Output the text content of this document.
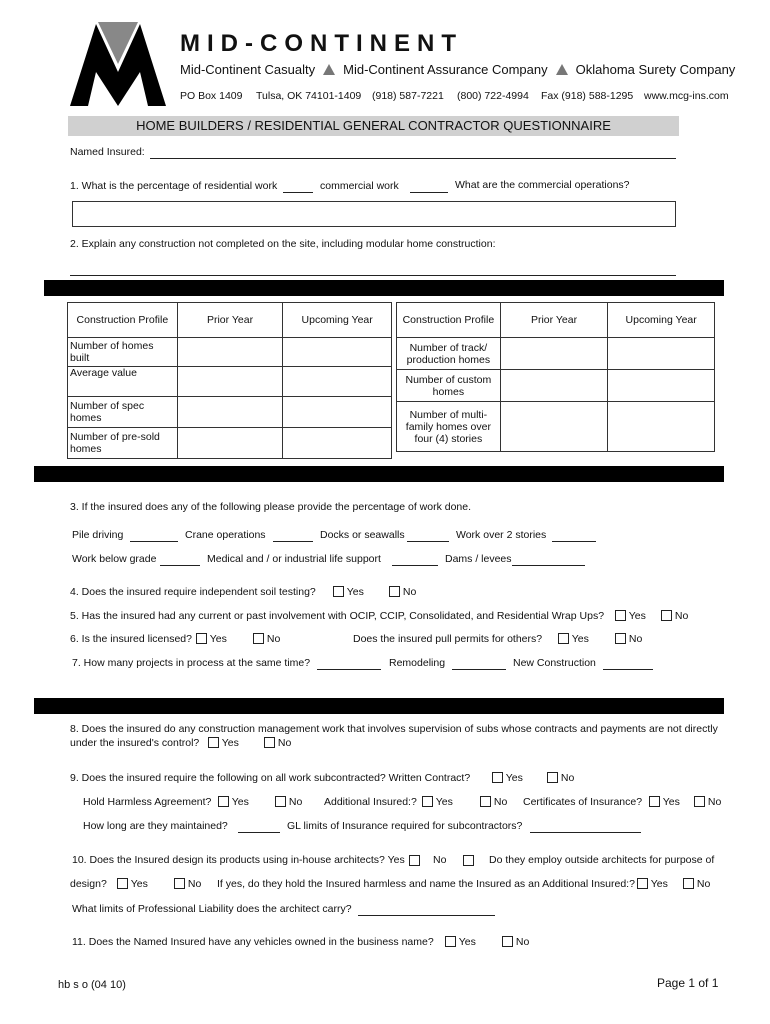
MID-CONTINENT
Mid-Continent Casualty Mid-Continent Assurance Company Oklahoma Surety Company
PO Box 1409 Tulsa, OK 74101-1409 (918) 587-7221 (800) 722-4994 Fax (918) 588-1295 www.mcg-ins.com
HOME BUILDERS / RESIDENTIAL GENERAL CONTRACTOR QUESTIONNAIRE
Named Insured:
1. What is the percentage of residential work	commercial work	What are the commercial operations?
2. Explain any construction not completed on the site, including modular home construction:
Construction Profile	Prior Year	Upcoming Year
Number of homes built		
Average value		
Number of spec homes		
Number of pre-sold homes		
Construction Profile	Prior Year	Upcoming Year
Number of track/ production homes		
Number of custom homes		
Number of multi-family homes over four (4) stories		
3. If the insured does any of the following please provide the percentage of work done.
Pile driving	Crane operations	Docks or seawalls	Work over 2 stories
Work below grade	Medical and / or industrial life support	Dams / levees
4. Does the insured require independent soil testing?	Yes	No
5. Has the insured had any current or past involvement with OCIP, CCIP, Consolidated, and Residential Wrap Ups?	Yes	No
6. Is the insured licensed?	Yes	No	Does the insured pull permits for others?	Yes	No
7. How many projects in process at the same time?	Remodeling	New Construction
8. Does the insured do any construction management work that involves supervision of subs whose contracts and payments are not directly
under the insured's control?	Yes	No
9. Does the insured require the following on all work subcontracted? Written Contract?	Yes	No
Hold Harmless Agreement?	Yes	No Additional Insured:?	Yes	No Certificates of Insurance?	Yes	No
How long are they maintained?	GL limits of Insurance required for subcontractors?
10. Does the Insured design its products using in-house architects? Yes	No	Do they employ outside architects for purpose of
design?	Yes	No If yes, do they hold the Insured harmless and name the Insured as an Additional Insured:?	Yes	No
What limits of Professional Liability does the architect carry?
11. Does the Named Insured have any vehicles owned in the business name?	Yes	No
hb s o (04 10)	Page 1 of 1
